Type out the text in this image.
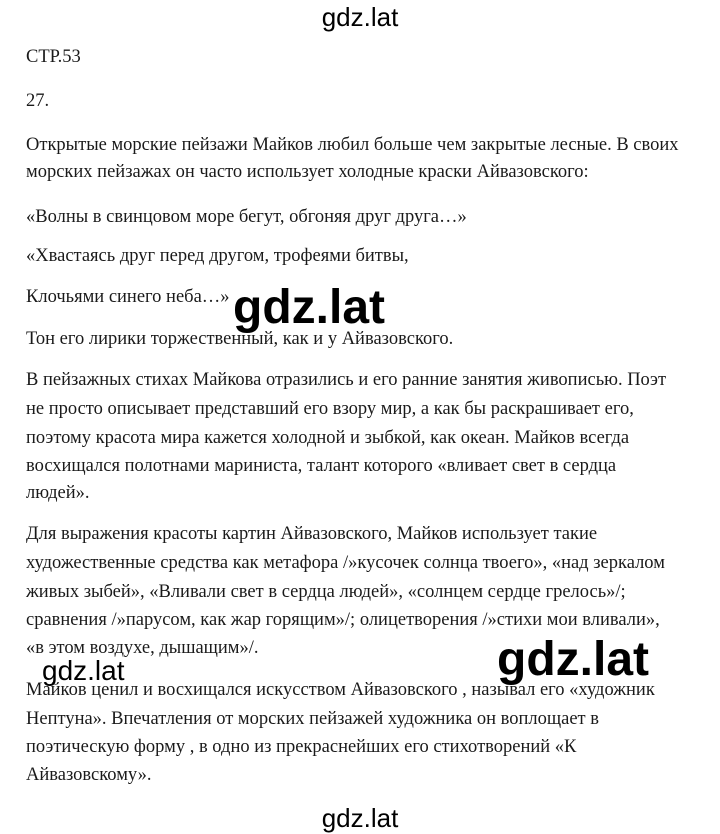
gdz.lat
СТР.53
27.
Открытые морские пейзажи Майков любил больше чем закрытые лесные. В своих
морских пейзажах он часто использует холодные краски Айвазовского:
«Волны в свинцовом море бегут, обгоняя друг друга…»
«Хвастаясь друг перед другом, трофеями битвы,
Клочьями синего неба…»
Тон его лирики торжественный, как и у Айвазовского.
В пейзажных стихах Майкова отразились и его ранние занятия живописью. Поэт
не просто описывает представший его взору мир, а как бы раскрашивает его,
поэтому красота мира кажется холодной и зыбкой, как океан. Майков всегда
восхищался полотнами мариниста, талант которого «вливает свет в сердца
людей».
Для выражения красоты картин Айвазовского, Майков использует такие
художественные средства как метафора /»кусочек солнца твоего», «над зеркалом
живых зыбей», «Вливали свет в сердца людей», «солнцем сердце грелось»/;
сравнения /»парусом, как жар горящим»/; олицетворения /»стихи мои вливали»,
«в этом воздухе, дышащим»/.
Майков ценил и восхищался искусством Айвазовского , называл его «художник
Нептуна». Впечатления от морских пейзажей художника он воплощает в
поэтическую форму , в одно из прекраснейших его стихотворений «К
Айвазовскому».
gdz.lat
gdz.lat	gdz.lat
gdz.lat
